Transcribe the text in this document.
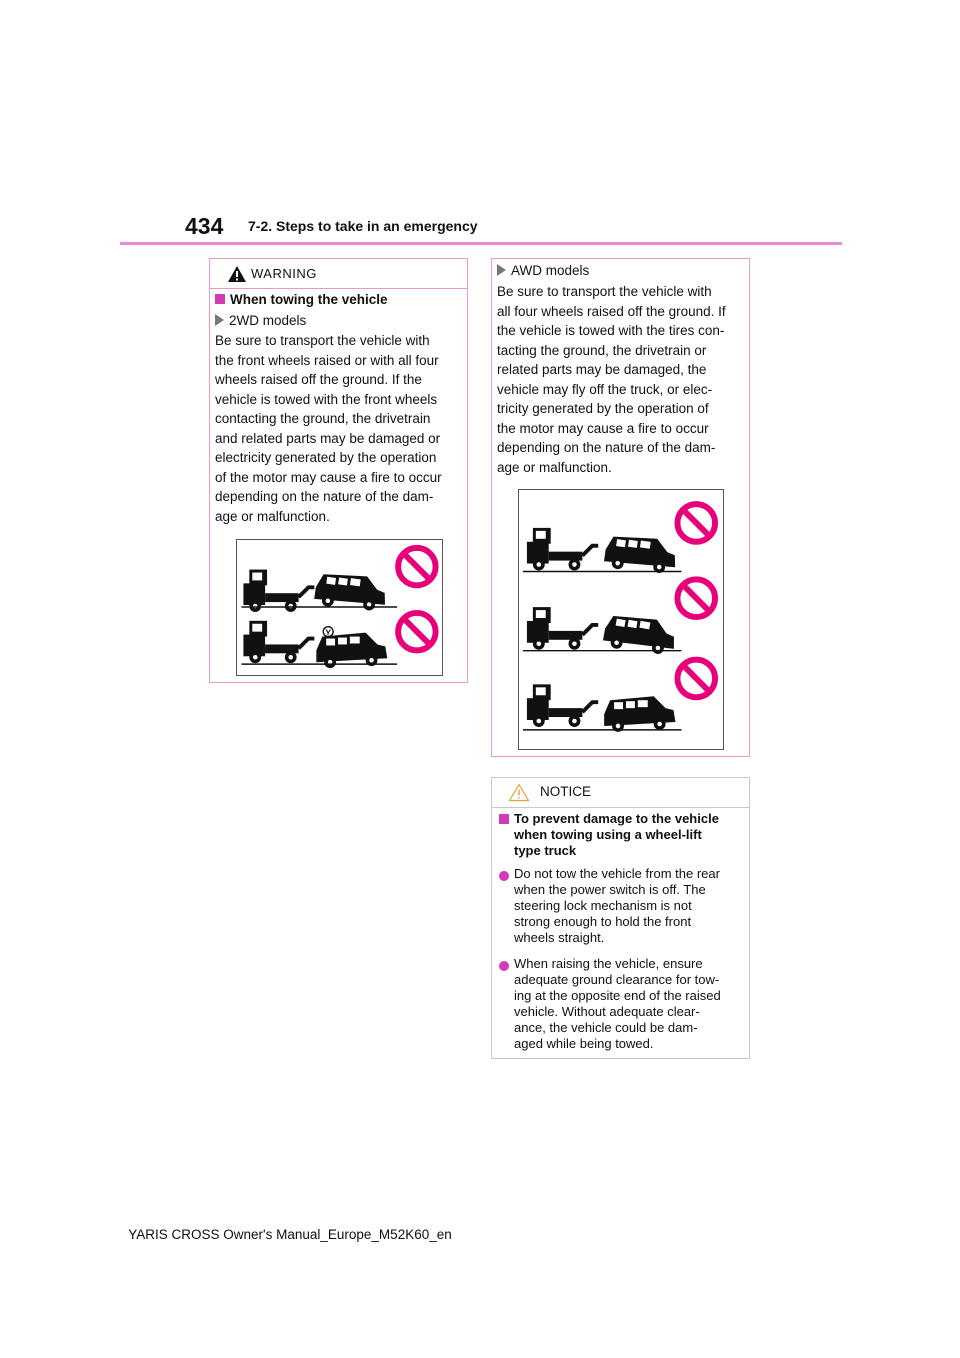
434 7-2. Steps to take in an emergency
WARNING
When towing the vehicle
2WD models
Be sure to transport the vehicle with
the front wheels raised or with all four
wheels raised off the ground. If the
vehicle is towed with the front wheels
contacting the ground, the drivetrain
and related parts may be damaged or
electricity generated by the operation
of the motor may cause a fire to occur
depending on the nature of the dam-
age or malfunction.
AWD models
Be sure to transport the vehicle with
all four wheels raised off the ground. If
the vehicle is towed with the tires con-
tacting the ground, the drivetrain or
related parts may be damaged, the
vehicle may fly off the truck, or elec-
tricity generated by the operation of
the motor may cause a fire to occur
depending on the nature of the dam-
age or malfunction.
NOTICE
To prevent damage to the vehicle
when towing using a wheel-lift
type truck
Do not tow the vehicle from the rear
when the power switch is off. The
steering lock mechanism is not
strong enough to hold the front
wheels straight.
When raising the vehicle, ensure
adequate ground clearance for tow-
ing at the opposite end of the raised
vehicle. Without adequate clear-
ance, the vehicle could be dam-
aged while being towed.
YARIS CROSS Owner's Manual_Europe_M52K60_en
